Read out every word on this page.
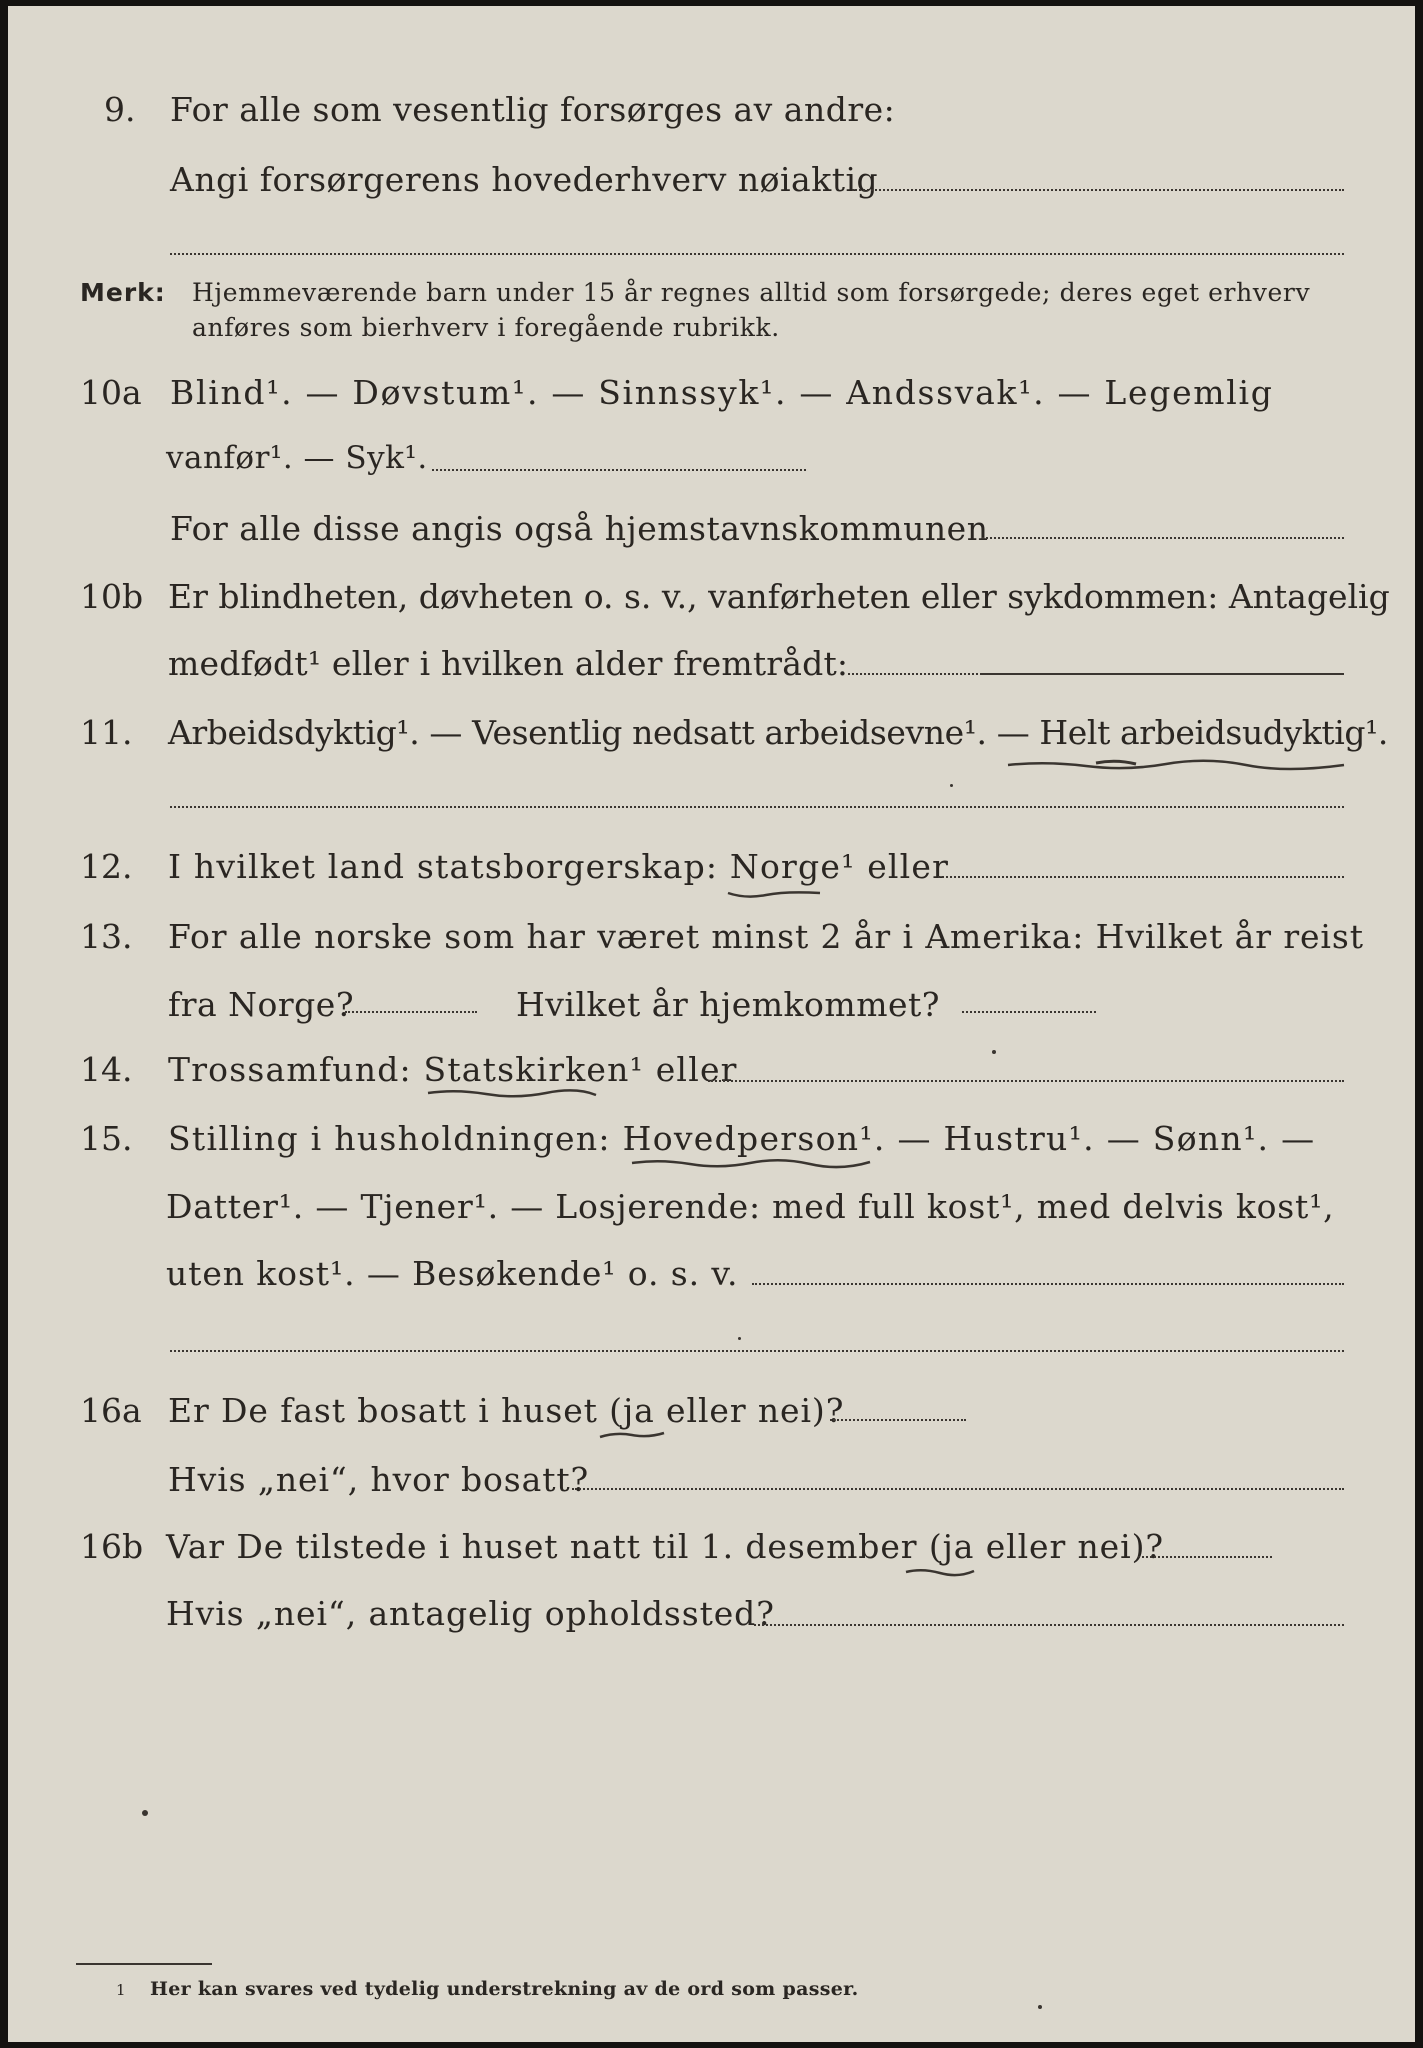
9. For alle som vesentlig forsørges av andre:
Angi forsørgerens hovederhverv nøiaktig
Merk: Hjemmeværende barn under 15 år regnes alltid som forsørgede; deres eget erhverv
anføres som bierhverv i foregående rubrikk.
10a Blind¹. — Døvstum¹. — Sinnssyk¹. — Andssvak¹. — Legemlig
vanfør¹. — Syk¹.
For alle disse angis også hjemstavnskommunen
10b Er blindheten, døvheten o. s. v., vanførheten eller sykdommen: Antagelig
medfødt¹ eller i hvilken alder fremtrådt:
11. Arbeidsdyktig¹. — Vesentlig nedsatt arbeidsevne¹. — Helt arbeidsudyktig¹.
12. I hvilket land statsborgerskap: Norge¹ eller
13. For alle norske som har været minst 2 år i Amerika: Hvilket år reist
fra Norge?	Hvilket år hjemkommet?
14. Trossamfund: Statskirken¹ eller
15. Stilling i husholdningen: Hovedperson¹. — Hustru¹. — Sønn¹. —
Datter¹. — Tjener¹. — Losjerende: med full kost¹, med delvis kost¹,
uten kost¹. — Besøkende¹ o. s. v.
16a Er De fast bosatt i huset (ja eller nei)?
Hvis „nei“, hvor bosatt?
16b Var De tilstede i huset natt til 1. desember (ja eller nei)?
Hvis „nei“, antagelig opholdssted?
1 Her kan svares ved tydelig understrekning av de ord som passer.
